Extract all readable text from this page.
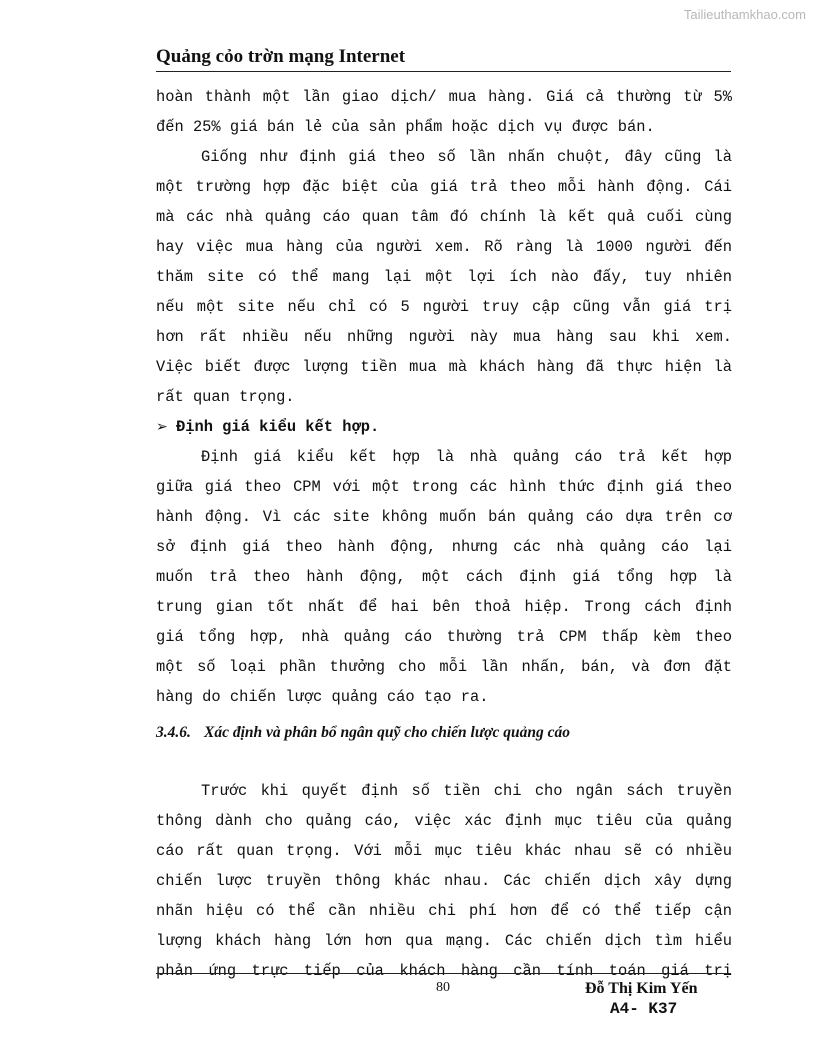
Tailieuthamkhao.com
Quảng cỏo trờn mạng Internet

hoàn thành một lần giao dịch/ mua hàng. Giá cả thường từ 5%

đến 25% giá bán lẻ của sản phẩm hoặc dịch vụ được bán.

Giống như định giá theo số lần nhấn chuột, đây cũng là

một trường hợp đặc biệt của giá trả theo mỗi hành động. Cái

mà các nhà quảng cáo quan tâm đó chính là kết quả cuối cùng

hay việc mua hàng của người xem. Rõ ràng là 1000 người đến

thăm site có thể mang lại một lợi ích nào đấy, tuy nhiên

nếu một site nếu chỉ có 5 người truy cập cũng vẫn giá trị

hơn rất nhiều nếu những người này mua hàng sau khi xem.

Việc biết được lượng tiền mua mà khách hàng đã thực hiện là

rất quan trọng.

➢ Định giá kiểu kết hợp.

Định giá kiểu kết hợp là nhà quảng cáo trả kết hợp

giữa giá theo CPM với một trong các hình thức định giá theo

hành động. Vì các site không muốn bán quảng cáo dựa trên cơ

sở định giá theo hành động, nhưng các nhà quảng cáo lại

muốn trả theo hành động, một cách định giá tổng hợp là

trung gian tốt nhất để hai bên thoả hiệp. Trong cách định

giá tổng hợp, nhà quảng cáo thường trả CPM thấp kèm theo

một số loại phần thưởng cho mỗi lần nhấn, bán, và đơn đặt

hàng do chiến lược quảng cáo tạo ra.

3.4.6. Xác định và phân bổ ngân quỹ cho chiến lược quảng cáo

Trước khi quyết định số tiền chi cho ngân sách truyền

thông dành cho quảng cáo, việc xác định mục tiêu của quảng

cáo rất quan trọng. Với mỗi mục tiêu khác nhau sẽ có nhiều

chiến lược truyền thông khác nhau. Các chiến dịch xây dựng

nhãn hiệu có thể cần nhiều chi phí hơn để có thể tiếp cận

lượng khách hàng lớn hơn qua mạng. Các chiến dịch tìm hiểu

phản ứng trực tiếp của khách hàng cần tính toán giá trị

80	Đỗ Thị Kim Yến
A4- K37
